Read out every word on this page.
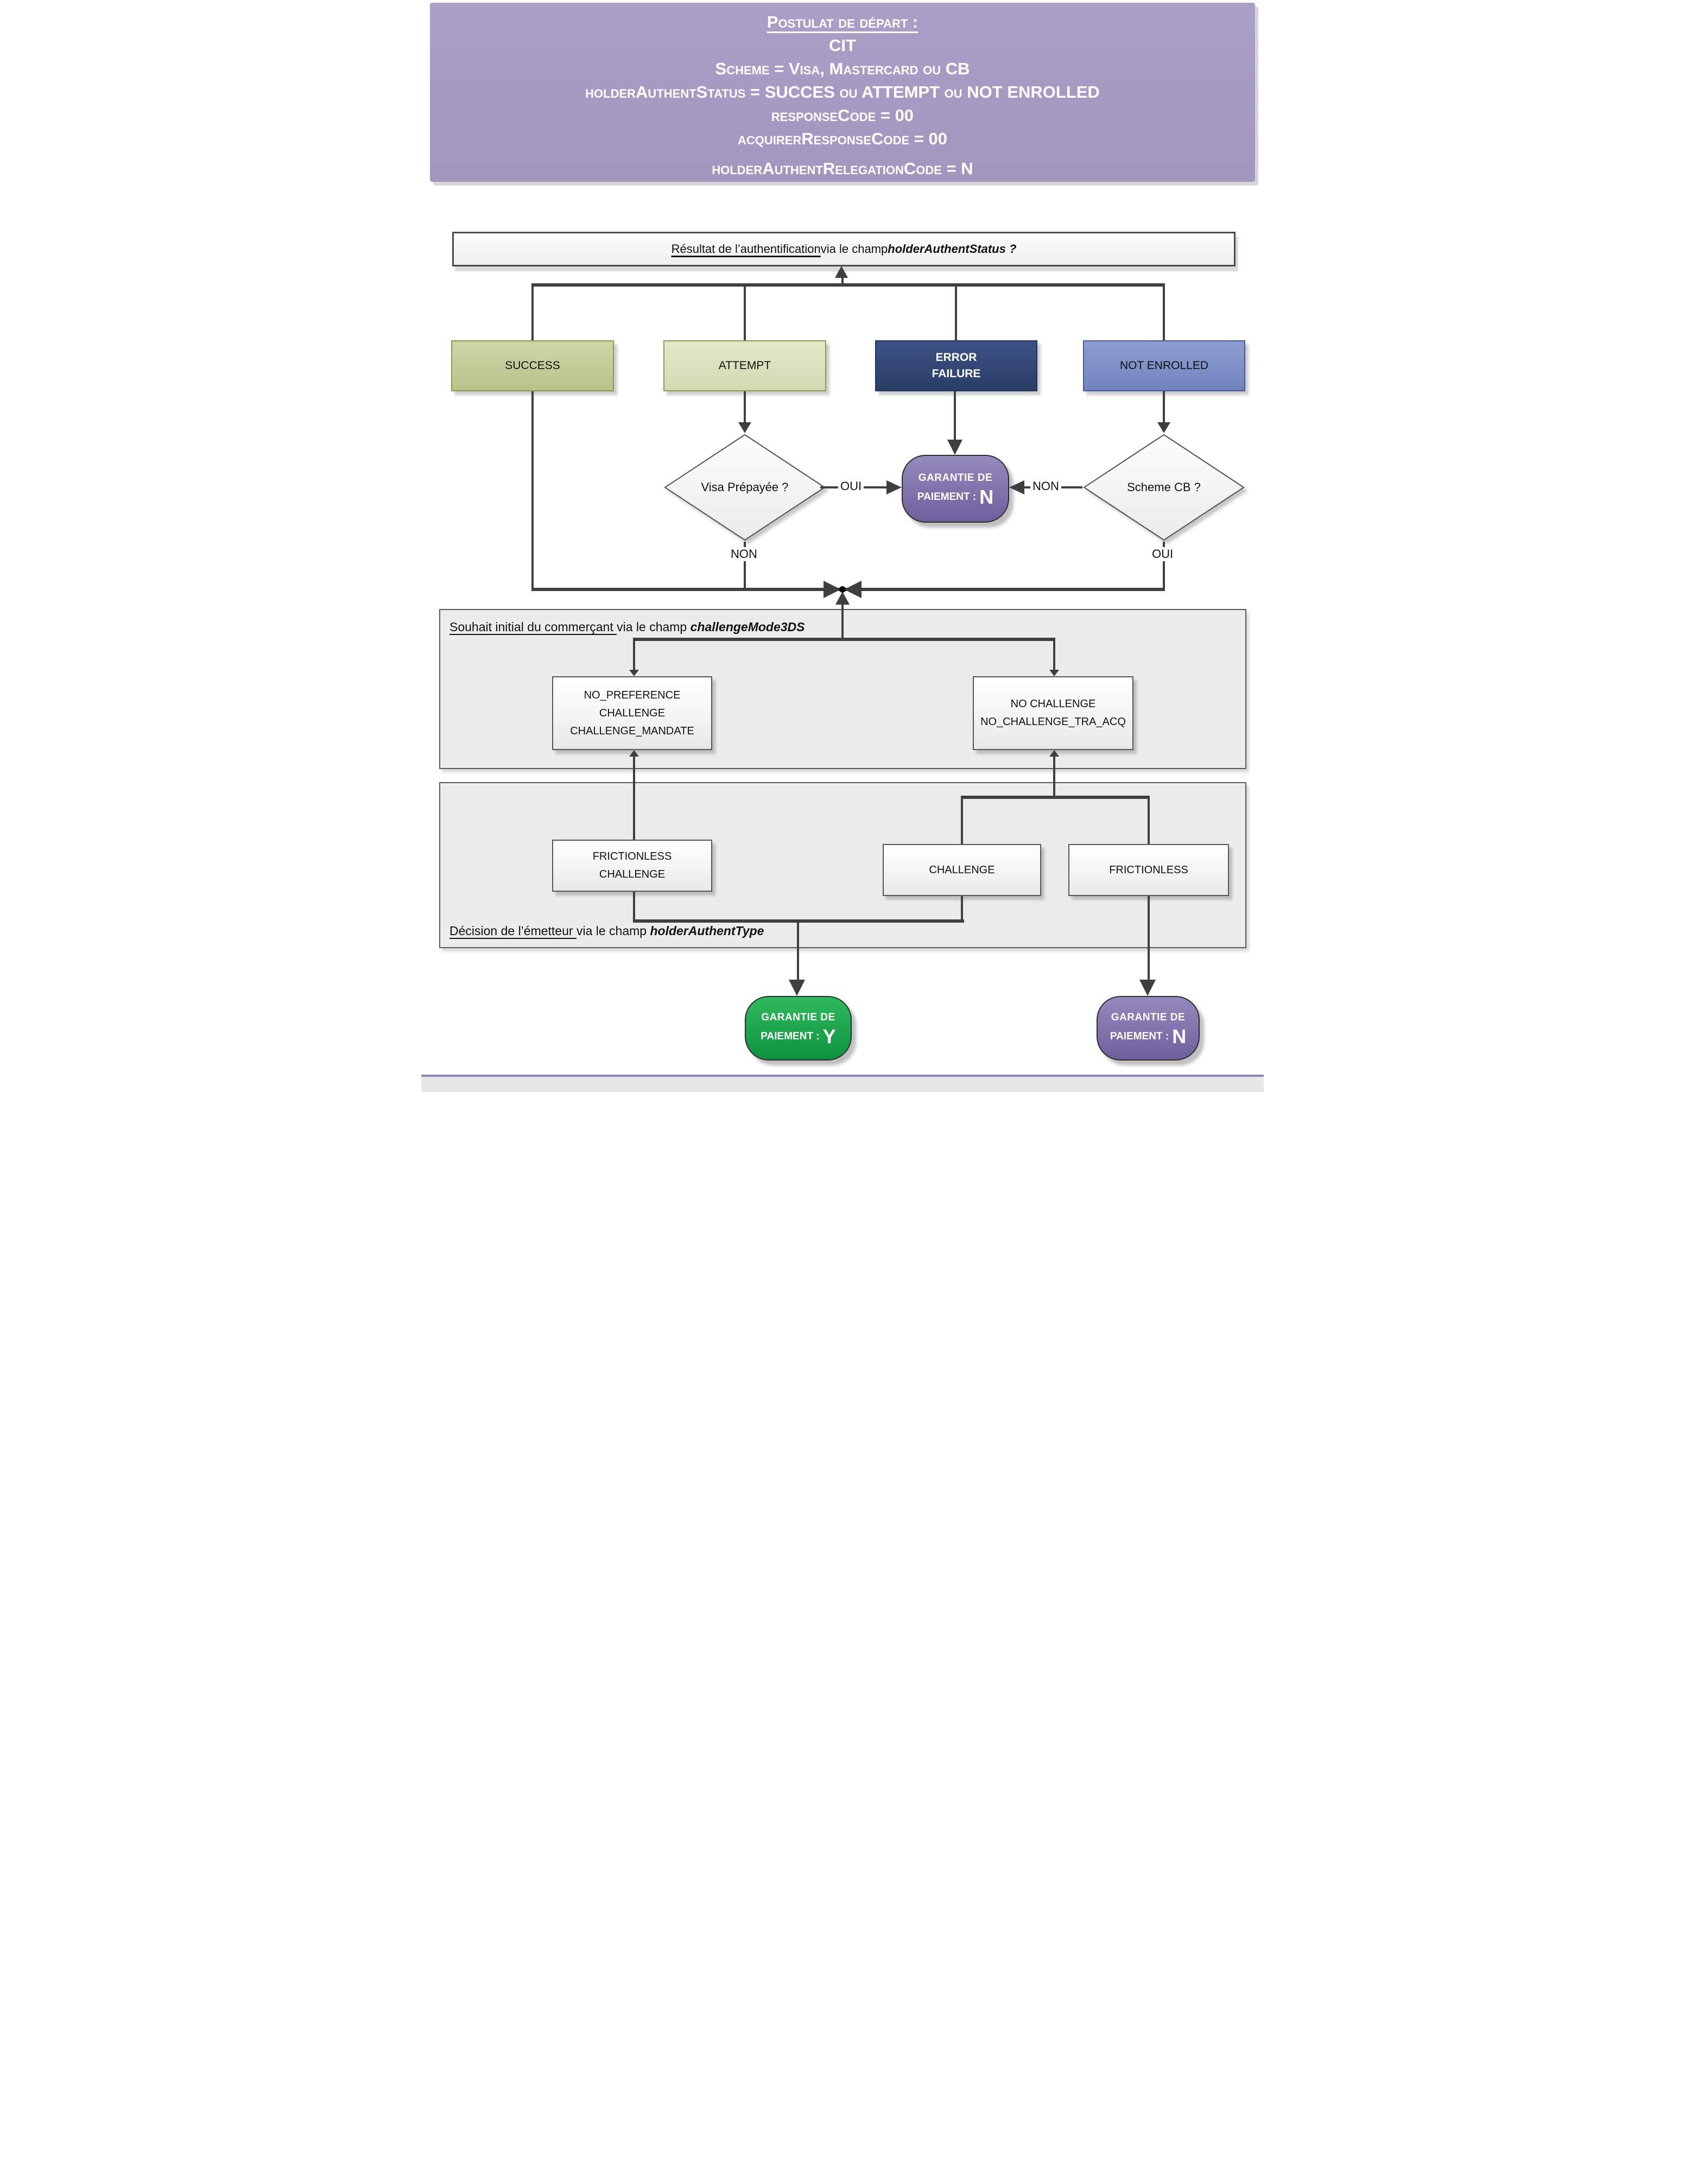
Postulat de départ :
CIT
Scheme = Visa, Mastercard ou CB
holderAuthentStatus = SUCCES ou ATTEMPT ou NOT ENROLLED
responseCode = 00
acquirerResponseCode = 00
holderAuthentRelegationCode = N
Souhait initial du commerçant via le champ challengeMode3DS
Décision de l’émetteur via le champ holderAuthentType
Résultat de l’authentification via le champ holderAuthentStatus ?
SUCCESS	ATTEMPT
ERROR
FAILURE
NOT ENROLLED
Visa Prépayée ?	Scheme CB ?
GARANTIE DE
PAIEMENT : N
OUI	NON
NON	OUI
NO_PREFERENCE
CHALLENGE
CHALLENGE_MANDATE
NO CHALLENGE
NO_CHALLENGE_TRA_ACQ
FRICTIONLESS
CHALLENGE	CHALLENGE	FRICTIONLESS
GARANTIE DE
PAIEMENT : Y
GARANTIE DE
PAIEMENT : N
